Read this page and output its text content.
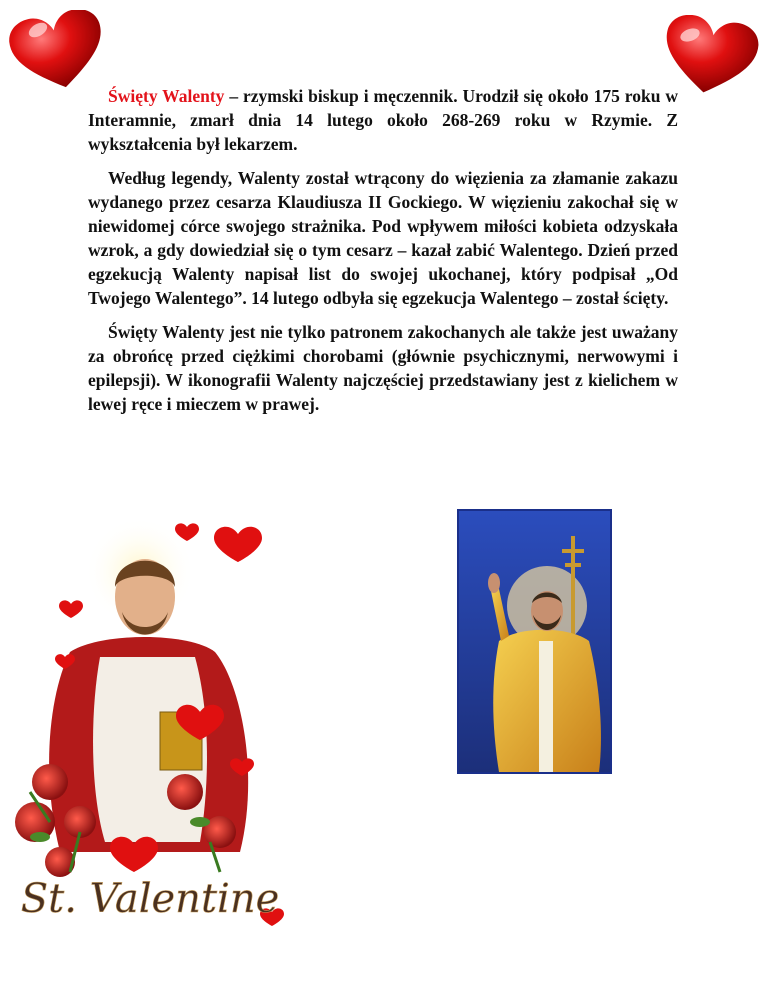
Święty Walenty – rzymski biskup i męczennik. Urodził się około 175 roku w Interamnie, zmarł dnia 14 lutego około 268-269 roku w Rzymie. Z wykształcenia był lekarzem.

Według legendy, Walenty został wtrącony do więzienia za złamanie zakazu wydanego przez cesarza Klaudiusza II Gockiego. W więzieniu zakochał się w niewidomej córce swojego strażnika. Pod wpływem miłości kobieta odzyskała wzrok, a gdy dowiedział się o tym cesarz – kazał zabić Walentego. Dzień przed egzekucją Walenty napisał list do swojej ukochanej, który podpisał „Od Twojego Walentego”. 14 lutego odbyła się egzekucja Walentego – został ścięty.

Święty Walenty jest nie tylko patronem zakochanych ale także jest uważany za obrońcę przed ciężkimi chorobami (głównie psychicznymi, nerwowymi i epilepsji). W ikonografii Walenty najczęściej przedstawiany jest z kielichem w lewej ręce i mieczem w prawej.

St. Valentine
